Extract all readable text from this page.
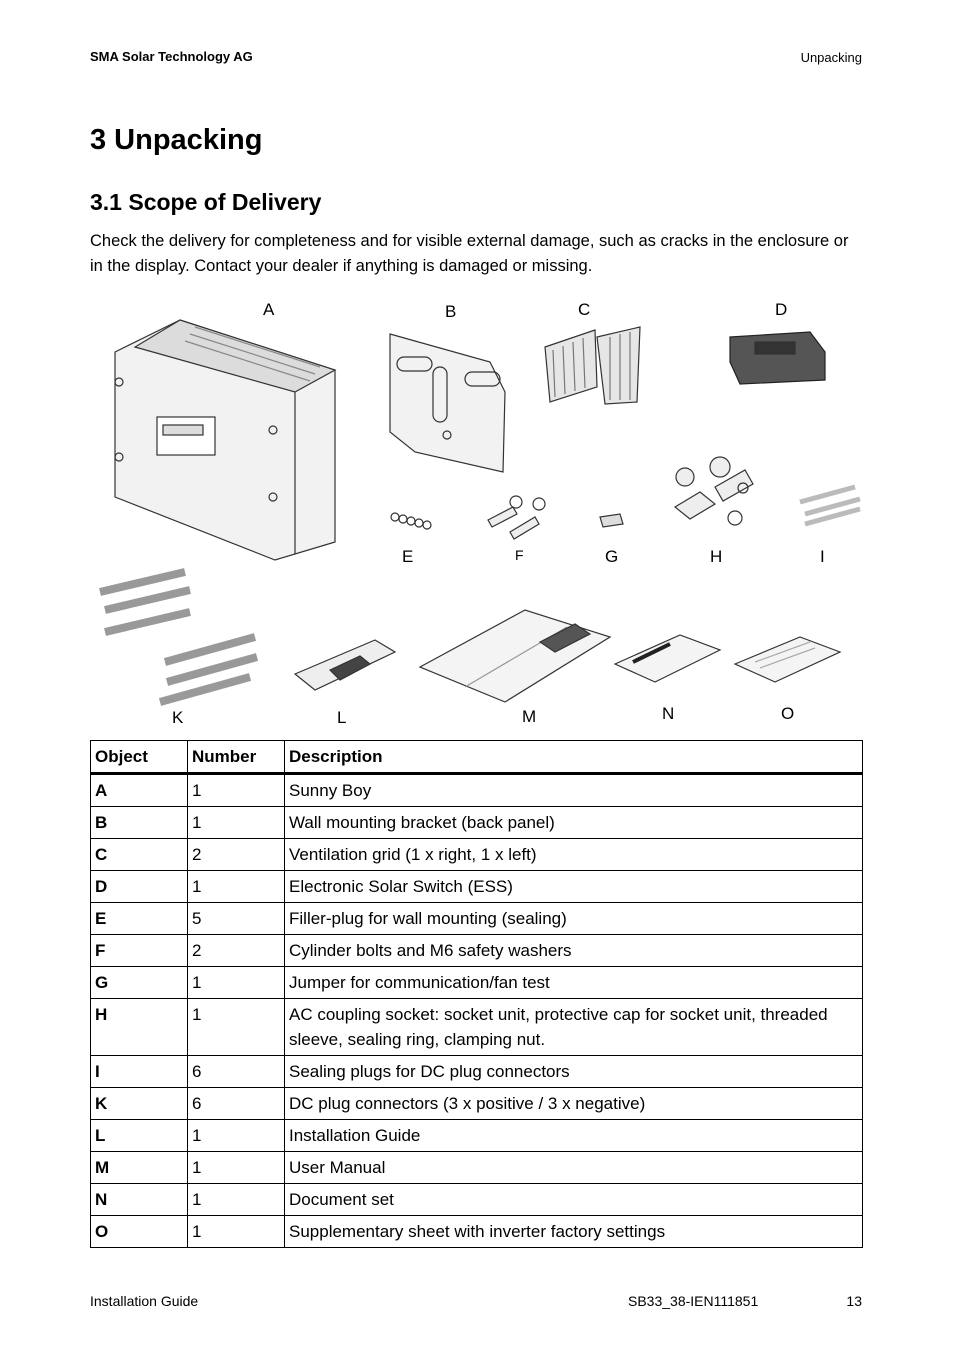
SMA Solar Technology AG	Unpacking
3 Unpacking
3.1 Scope of Delivery

Check the delivery for completeness and for visible external damage, such as cracks in the enclosure or in the display. Contact your dealer if anything is damaged or missing.

A	B	C	D
E	F	G	H	I
K	L	M	N	O
Object	Number	Description
A	1	Sunny Boy
B	1	Wall mounting bracket (back panel)
C	2	Ventilation grid (1 x right, 1 x left)
D	1	Electronic Solar Switch (ESS)
E	5	Filler-plug for wall mounting (sealing)
F	2	Cylinder bolts and M6 safety washers
G	1	Jumper for communication/fan test
H	1	AC coupling socket: socket unit, protective cap for socket unit, threaded sleeve, sealing ring, clamping nut.
I	6	Sealing plugs for DC plug connectors
K	6	DC plug connectors (3 x positive / 3 x negative)
L	1	Installation Guide
M	1	User Manual
N	1	Document set
O	1	Supplementary sheet with inverter factory settings
Installation Guide	SB33_38-IEN111851	13
